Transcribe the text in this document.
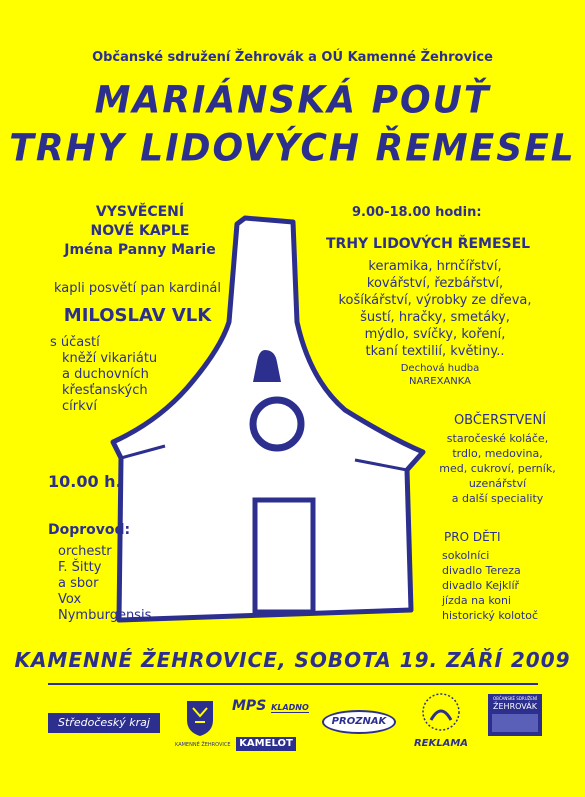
Občanské sdružení Žehrovák a OÚ Kamenné Žehrovice
MARIÁNSKÁ POUŤ
TRHY LIDOVÝCH ŘEMESEL
VYSVĚCENÍ
NOVÉ KAPLE
Jména Panny Marie
kapli posvětí pan kardinál
MILOSLAV VLK
s účastí
kněží vikariátu
a duchovních
křesťanských
církví
10.00 h.
Doprovod:
orchestr
F. Šitty
a sbor
Vox
Nymburgensis
9.00-18.00 hodin:
TRHY LIDOVÝCH ŘEMESEL
keramika, hrnčířství,
kovářství, řezbářství,
košíkářství, výrobky ze dřeva,
šustí, hračky, smetáky,
mýdlo, svíčky, koření,
tkaní textilií, květiny..
Dechová hudba
NAREXANKA
OBČERSTVENÍ
staročeské koláče,
trdlo, medovina,
med, cukroví, perník,
uzenářství
a další speciality
PRO DĚTI
sokolníci
divadlo Tereza
divadlo Kejklíř
jízda na koni
historický kolotoč
KAMENNÉ ŽEHROVICE, SOBOTA 19. ZÁŘÍ 2009
Středočeský kraj
KAMENNÉ ŽEHROVICE
MPS KLADNO
KAMELOT
PROZNAK
REKLAMA
OBČANSKÉ SDRUŽENÍ
ŽEHROVÁK
